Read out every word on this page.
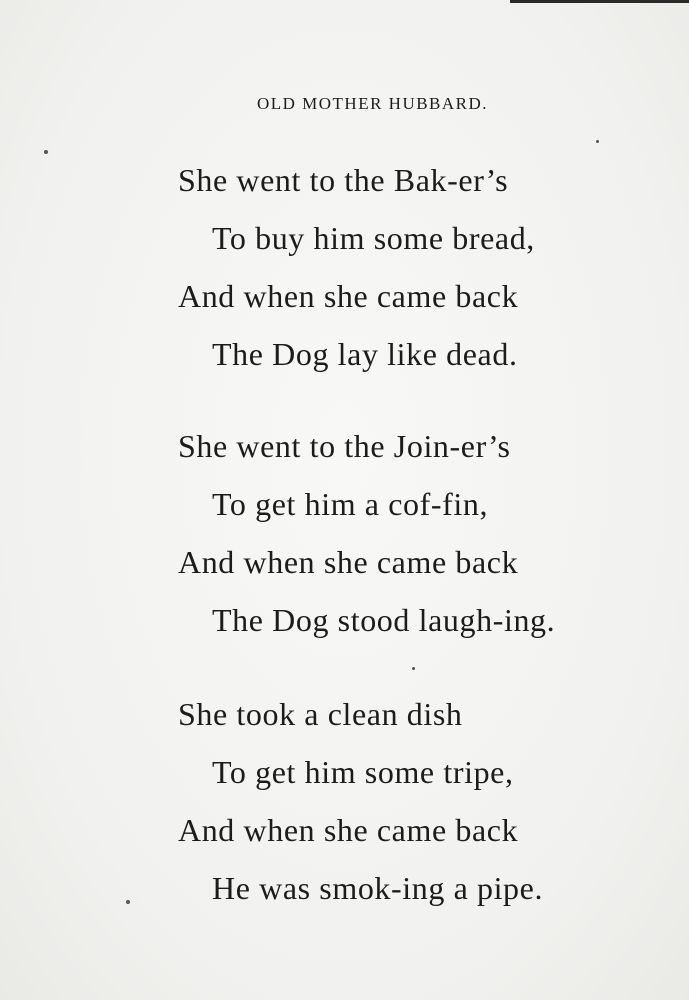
OLD MOTHER HUBBARD.
She went to the Bak-er’s
To buy him some bread,
And when she came back
The Dog lay like dead.
She went to the Join-er’s
To get him a cof-fin,
And when she came back
The Dog stood laugh-ing.
She took a clean dish
To get him some tripe,
And when she came back
He was smok-ing a pipe.
